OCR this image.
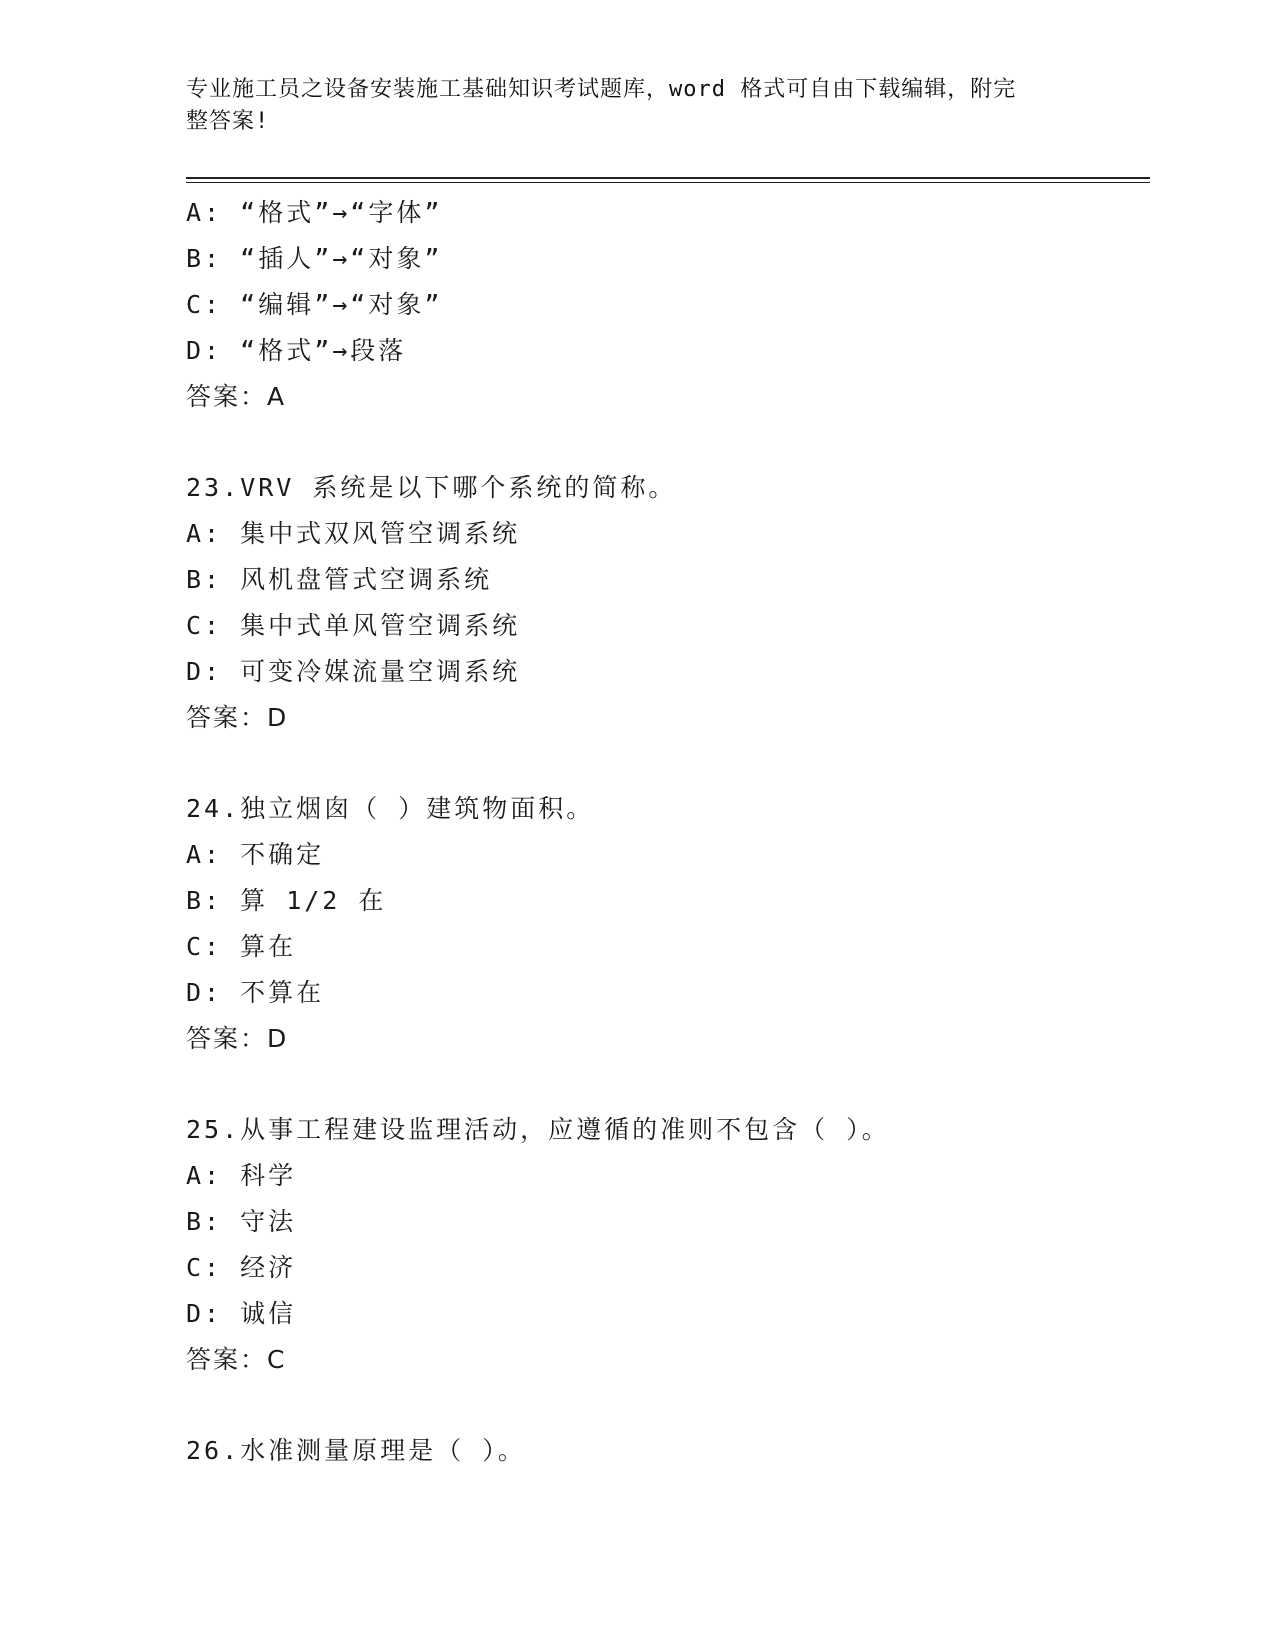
专业施工员之设备安装施工基础知识考试题库，word 格式可自由下载编辑，附完
整答案!
A: “格式”→“字体”
B: “插人”→“对象”
C: “编辑”→“对象”
D: “格式”→段落
答案：A
23.VRV 系统是以下哪个系统的简称。
A: 集中式双风管空调系统
B: 风机盘管式空调系统
C: 集中式单风管空调系统
D: 可变冷媒流量空调系统
答案：D
24.独立烟囱（ ）建筑物面积。
A: 不确定
B: 算 1/2 在
C: 算在
D: 不算在
答案：D
25.从事工程建设监理活动，应遵循的准则不包含（ ）。
A: 科学
B: 守法
C: 经济
D: 诚信
答案：C
26.水准测量原理是（ ）。
